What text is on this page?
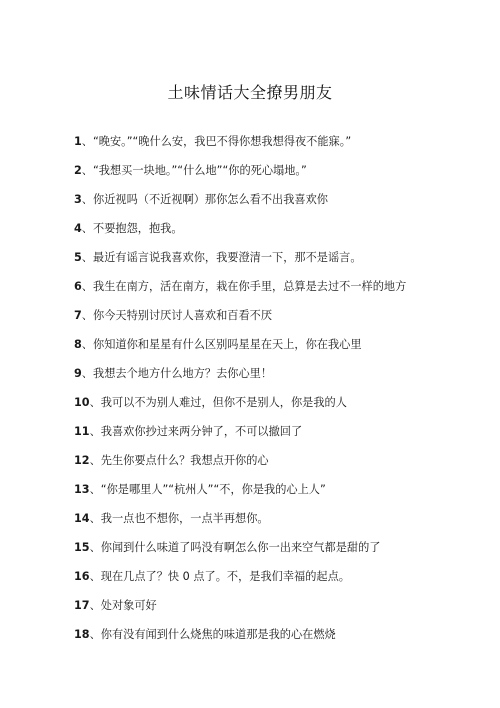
土味情话大全撩男朋友
1、“晚安。”“晚什么安，我巴不得你想我想得夜不能寐。”
2、“我想买一块地。”“什么地”“你的死心塌地。”
3、你近视吗（不近视啊）那你怎么看不出我喜欢你
4、不要抱怨，抱我。
5、最近有谣言说我喜欢你，我要澄清一下，那不是谣言。
6、我生在南方，活在南方，栽在你手里，总算是去过不一样的地方
7、你今天特别讨厌讨人喜欢和百看不厌
8、你知道你和星星有什么区别吗星星在天上，你在我心里
9、我想去个地方什么地方？去你心里！
10、我可以不为别人难过，但你不是别人，你是我的人
11、我喜欢你抄过来两分钟了，不可以撤回了
12、先生你要点什么？我想点开你的心
13、“你是哪里人”“杭州人”“不，你是我的心上人”
14、我一点也不想你，一点半再想你。
15、你闻到什么味道了吗没有啊怎么你一出来空气都是甜的了
16、现在几点了？快 0 点了。不，是我们幸福的起点。
17、处对象可好
18、你有没有闻到什么烧焦的味道那是我的心在燃烧
